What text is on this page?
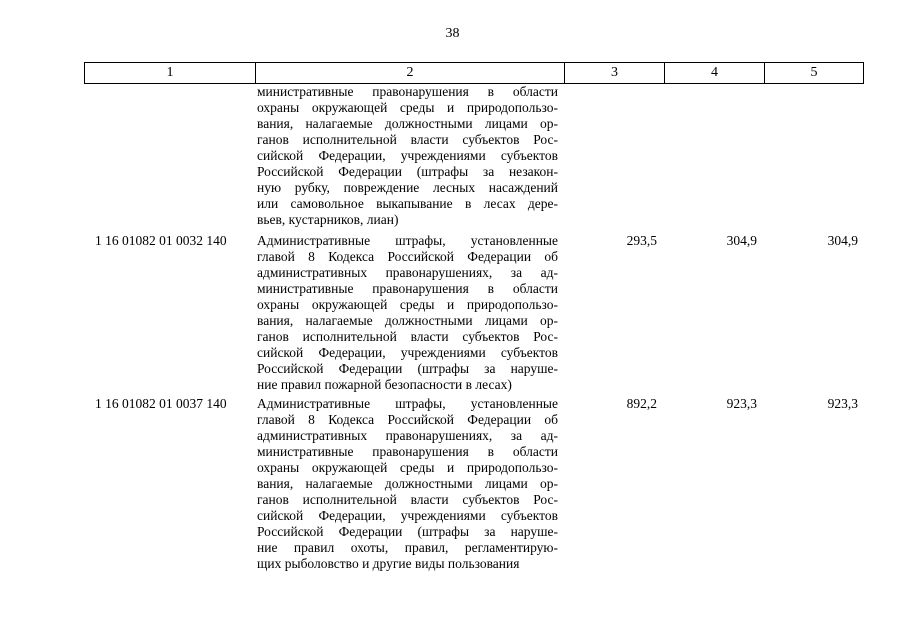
38
1	2	3	4	5
министративные правонарушения в области
охраны окружающей среды и природопользо-
вания, налагаемые должностными лицами ор-
ганов исполнительной власти субъектов Рос-
сийской Федерации, учреждениями субъектов
Российской Федерации (штрафы за незакон-
ную рубку, повреждение лесных насаждений
или самовольное выкапывание в лесах дере-
вьев, кустарников, лиан)
1 16 01082 01 0032 140 Административные штрафы, установленные
главой 8 Кодекса Российской Федерации об
административных правонарушениях, за ад-
министративные правонарушения в области
охраны окружающей среды и природопользо-
вания, налагаемые должностными лицами ор-
ганов исполнительной власти субъектов Рос-
сийской Федерации, учреждениями субъектов
Российской Федерации (штрафы за наруше-
ние правил пожарной безопасности в лесах)
293,5	304,9	304,9
1 16 01082 01 0037 140 Административные штрафы, установленные
главой 8 Кодекса Российской Федерации об
административных правонарушениях, за ад-
министративные правонарушения в области
охраны окружающей среды и природопользо-
вания, налагаемые должностными лицами ор-
ганов исполнительной власти субъектов Рос-
сийской Федерации, учреждениями субъектов
Российской Федерации (штрафы за наруше-
ние правил охоты, правил, регламентирую-
щих рыболовство и другие виды пользования
892,2	923,3	923,3
